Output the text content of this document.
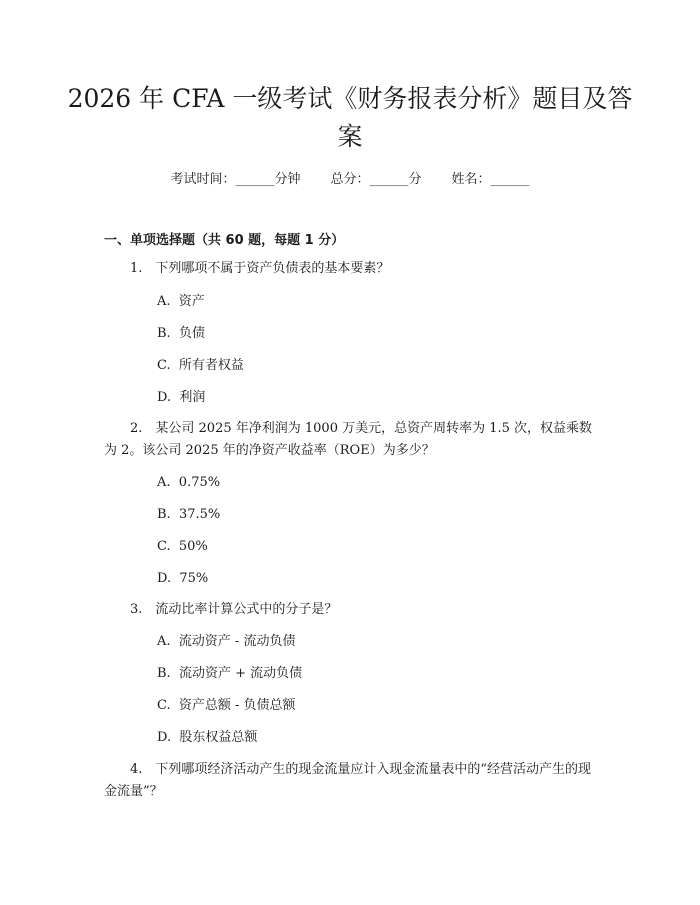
2026 年 CFA 一级考试《财务报表分析》题目及答案
考试时间：______分钟 总分：______分 姓名：______
一、单项选择题（共 60 题，每题 1 分）
1.　下列哪项不属于资产负债表的基本要素？
A.  资产
B.  负债
C.  所有者权益
D.  利润
2.　某公司 2025 年净利润为 1000 万美元，总资产周转率为 1.5 次，权益乘数为 2。该公司 2025 年的净资产收益率（ROE）为多少？
A.  0.75%
B.  37.5%
C.  50%
D.  75%
3.　流动比率计算公式中的分子是？
A.  流动资产 - 流动负债
B.  流动资产 + 流动负债
C.  资产总额 - 负债总额
D.  股东权益总额
4.　下列哪项经济活动产生的现金流量应计入现金流量表中的“经营活动产生的现金流量”？
